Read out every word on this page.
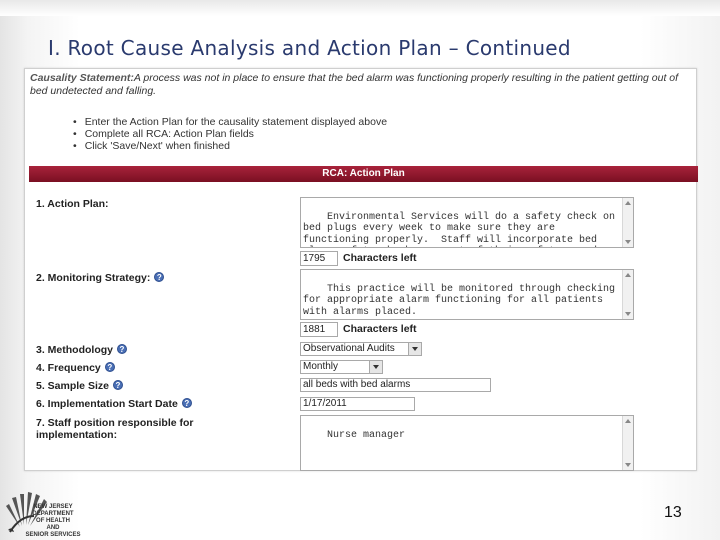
I. Root Cause Analysis and Action Plan – Continued
Causality Statement:A process was not in place to ensure that the bed alarm was functioning properly resulting in the patient getting out of bed undetected and falling.
• Enter the Action Plan for the causality statement displayed above
• Complete all RCA: Action Plan fields
• Click 'Save/Next' when finished
RCA: Action Plan
1. Action Plan:

Environmental Services will do a safety check on bed plugs every week to make sure they are functioning properly.  Staff will incorporate bed

1795	Characters left
2. Monitoring Strategy: ?

This practice will be monitored through checking for appropriate alarm functioning for all patients with alarms placed.

1881	Characters left
3. Methodology ?	Observational Audits
4. Frequency ?	Monthly
5. Sample Size ?	all beds with bed alarms
6. Implementation Start Date ?	1/17/2011
7. Staff position responsible for implementation:	Nurse manager

NEW JERSEY
DEPARTMENT
OF HEALTH
AND
SENIOR SERVICES
13
